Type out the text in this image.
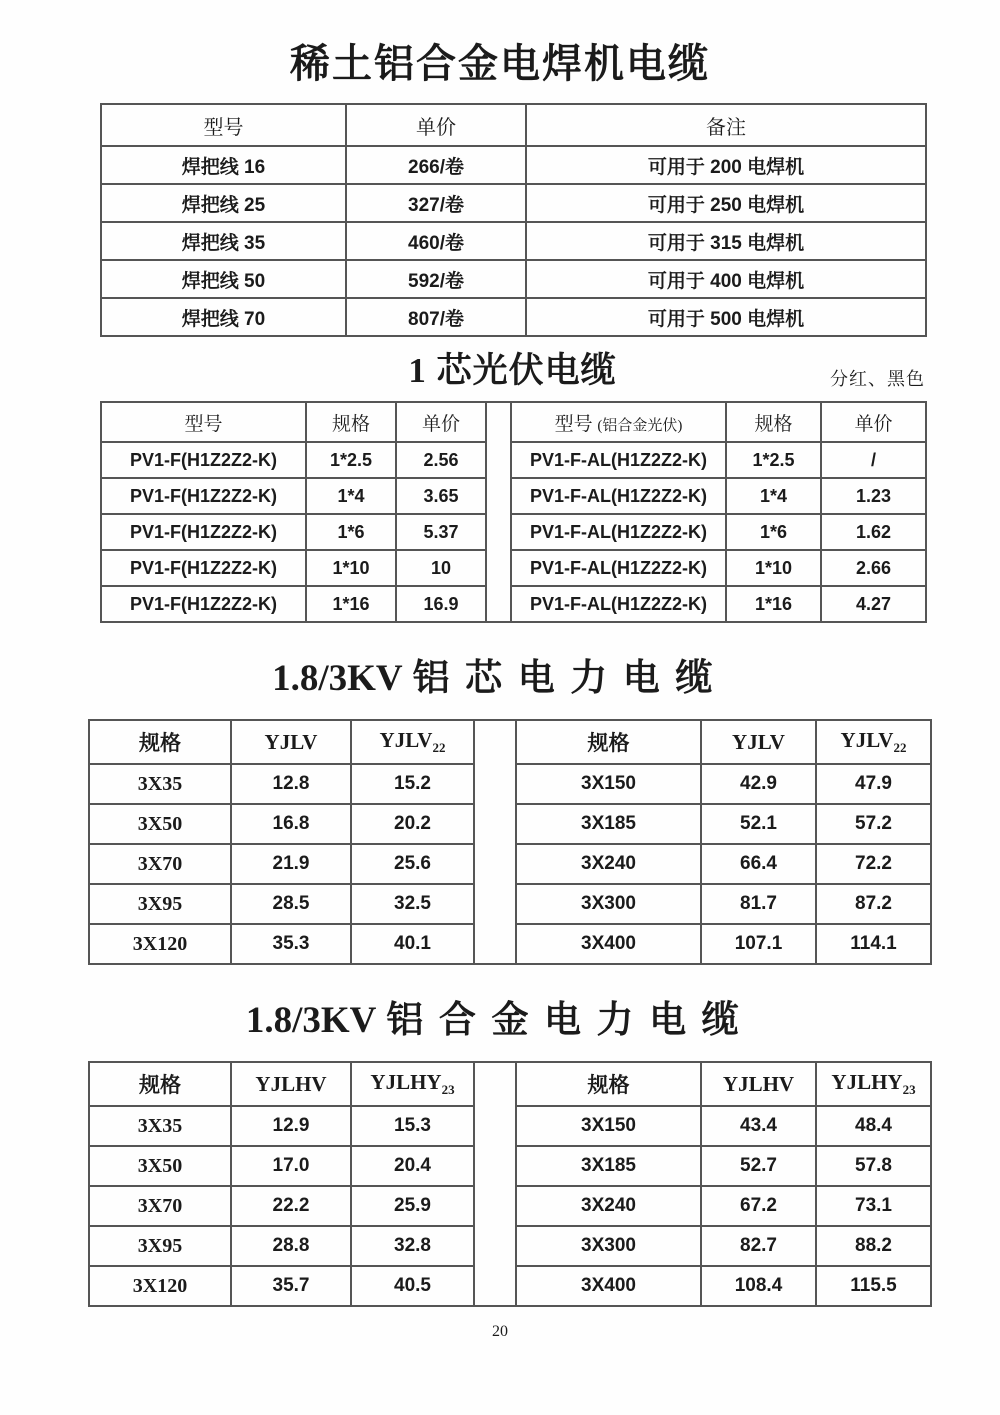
稀土铝合金电焊机电缆
型号	单价	备注
焊把线 16	266/卷	可用于 200 电焊机
焊把线 25	327/卷	可用于 250 电焊机
焊把线 35	460/卷	可用于 315 电焊机
焊把线 50	592/卷	可用于 400 电焊机
焊把线 70	807/卷	可用于 500 电焊机
1 芯光伏电缆	分红、黑色
型号	规格	单价		型号 (铝合金光伏)	规格	单价
PV1-F(H1Z2Z2-K)	1*2.5	2.56		PV1-F-AL(H1Z2Z2-K)	1*2.5	/
PV1-F(H1Z2Z2-K)	1*4	3.65		PV1-F-AL(H1Z2Z2-K)	1*4	1.23
PV1-F(H1Z2Z2-K)	1*6	5.37		PV1-F-AL(H1Z2Z2-K)	1*6	1.62
PV1-F(H1Z2Z2-K)	1*10	10		PV1-F-AL(H1Z2Z2-K)	1*10	2.66
PV1-F(H1Z2Z2-K)	1*16	16.9		PV1-F-AL(H1Z2Z2-K)	1*16	4.27
1.8/3KV 铝芯电力电缆
规格	YJLV	$YJLV_{22}$		规格	YJLV	$YJLV_{22}$
3X35	12.8	15.2		3X150	42.9	47.9
3X50	16.8	20.2		3X185	52.1	57.2
3X70	21.9	25.6		3X240	66.4	72.2
3X95	28.5	32.5		3X300	81.7	87.2
3X120	35.3	40.1		3X400	107.1	114.1
1.8/3KV 铝合金电力电缆
规格	YJLHV	$YJLHY_{23}$		规格	YJLHV	$YJLHY_{23}$
3X35	12.9	15.3		3X150	43.4	48.4
3X50	17.0	20.4		3X185	52.7	57.8
3X70	22.2	25.9		3X240	67.2	73.1
3X95	28.8	32.8		3X300	82.7	88.2
3X120	35.7	40.5		3X400	108.4	115.5
20
